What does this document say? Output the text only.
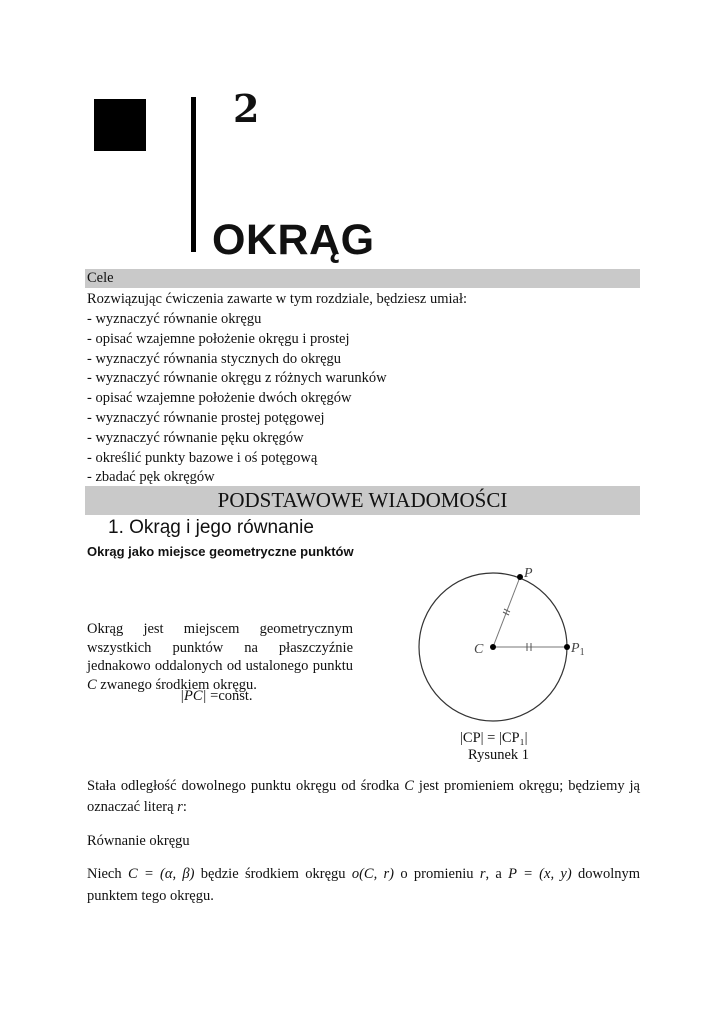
2
OKRĄG
Cele
Rozwiązując ćwiczenia zawarte w tym rozdziale, będziesz umiał:
- wyznaczyć równanie okręgu
- opisać wzajemne położenie okręgu i prostej
- wyznaczyć równania stycznych do okręgu
- wyznaczyć równanie okręgu z różnych warunków
- opisać wzajemne położenie dwóch okręgów
- wyznaczyć równanie prostej potęgowej
- wyznaczyć równanie pęku okręgów
- określić punkty bazowe i oś potęgową
- zbadać pęk okręgów
PODSTAWOWE WIADOMOŚCI
1. Okrąg i jego równanie
Okrąg jako miejsce geometryczne punktów
Okrąg jest miejscem geometrycznym wszystkich punktów na płaszczyźnie jednakowo oddalonych od ustalonego punktu C zwanego środkiem okręgu.
|PC| =const.
C
P
$P_1$
|CP| = |CP₁|
Rysunek 1
Stała odległość dowolnego punktu okręgu od środka C jest promieniem okręgu; będziemy ją oznaczać literą r:
Równanie okręgu
Niech C = (α, β) będzie środkiem okręgu o(C, r) o promieniu r, a P = (x, y) dowolnym punktem tego okręgu.
